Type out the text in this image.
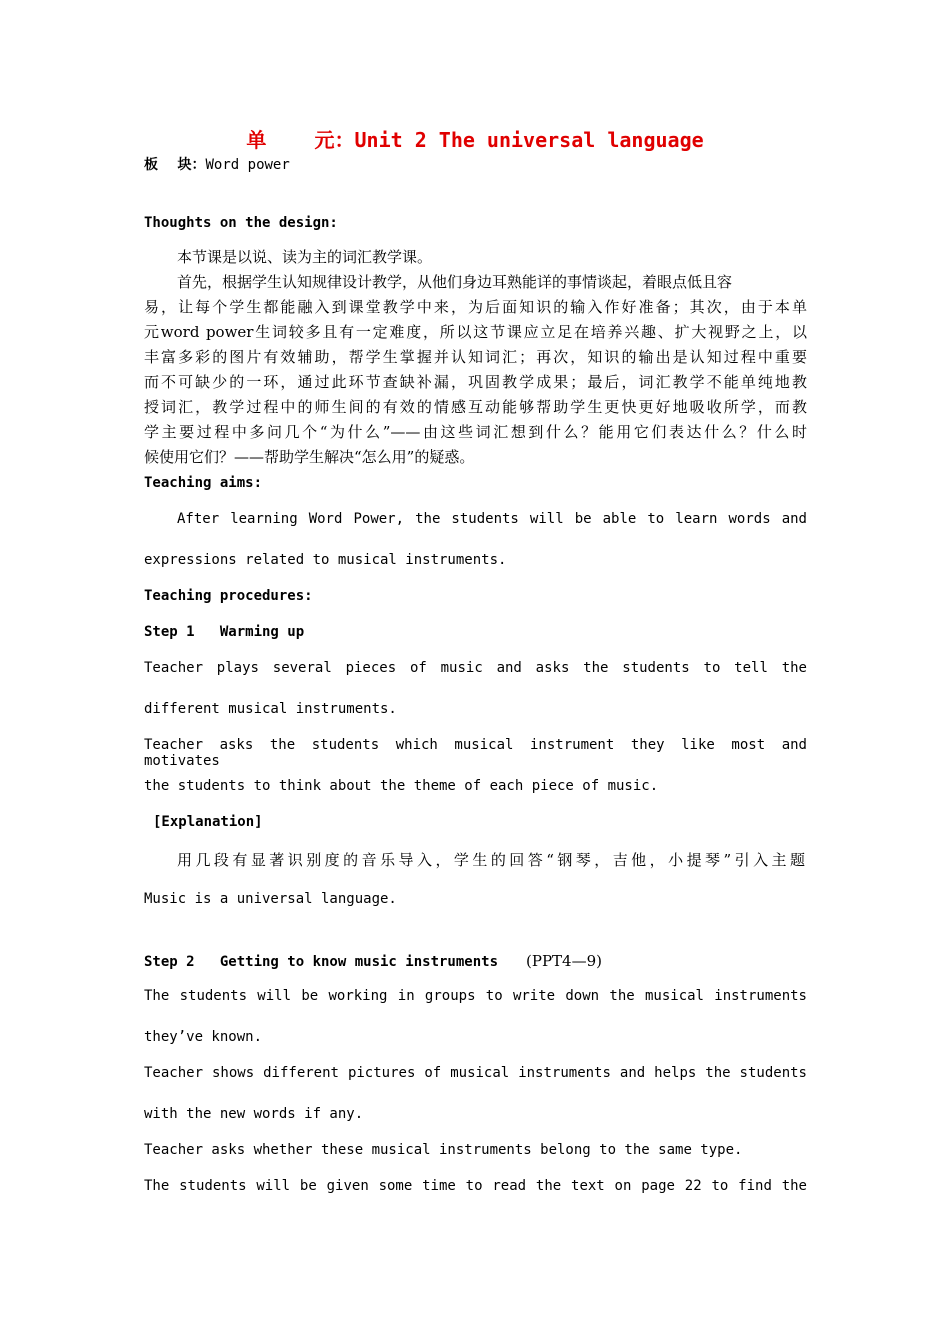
单    元：Unit 2 The universal language
板    块：Word power
Thoughts on the design:
本节课是以说、读为主的词汇教学课。
首先，根据学生认知规律设计教学，从他们身边耳熟能详的事情谈起，着眼点低且容
易，让每个学生都能融入到课堂教学中来，为后面知识的输入作好准备；其次，由于本单
元word power生词较多且有一定难度，所以这节课应立足在培养兴趣、扩大视野之上，以
丰富多彩的图片有效辅助，帮学生掌握并认知词汇；再次，知识的输出是认知过程中重要
而不可缺少的一环，通过此环节查缺补漏，巩固教学成果；最后，词汇教学不能单纯地教
授词汇，教学过程中的师生间的有效的情感互动能够帮助学生更快更好地吸收所学，而教
学主要过程中多问几个“为什么”——由这些词汇想到什么？能用它们表达什么？什么时
候使用它们？——帮助学生解决“怎么用”的疑惑。
Teaching aims:
After learning Word Power, the students will be able to learn words and
expressions related to musical instruments.
Teaching procedures:
Step 1   Warming up
Teacher plays several pieces of music and asks the students to tell the
different musical instruments.
Teacher asks the students which musical instrument they like most and motivates
the students to think about the theme of each piece of music.
[Explanation]
用几段有显著识别度的音乐导入，学生的回答“钢琴，吉他，小提琴”引入主题
Music is a universal language.
Step 2   Getting to know music instruments (PPT4—9)
The students will be working in groups to write down the musical instruments
they’ve known.
Teacher shows different pictures of musical instruments and helps the students
with the new words if any.
Teacher asks whether these musical instruments belong to the same type.
The students will be given some time to read the text on page 22 to find the
